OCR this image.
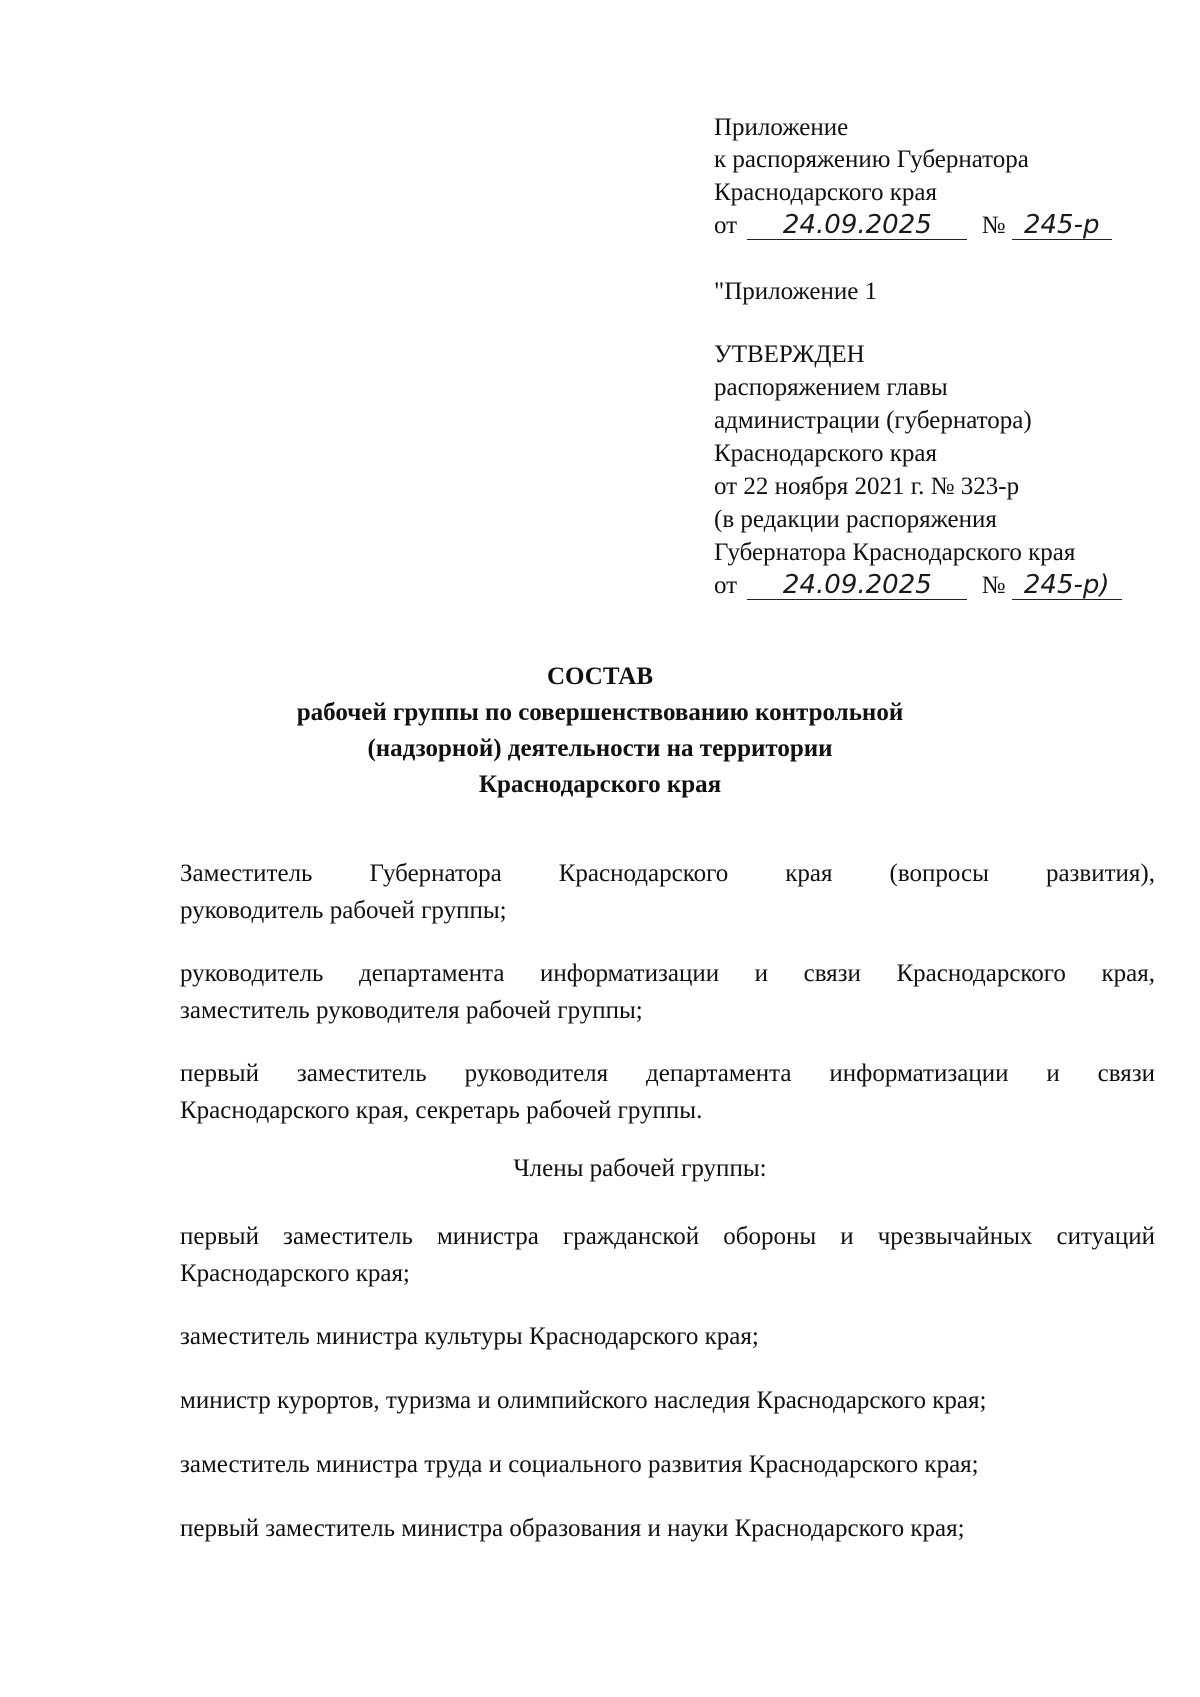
Приложение
к распоряжению Губернатора
Краснодарского края
от 24.09.2025 № 245-р
"Приложение 1
УТВЕРЖДЕН
распоряжением главы
администрации (губернатора)
Краснодарского края
от 22 ноября 2021 г. № 323-р
(в редакции распоряжения
Губернатора Краснодарского края
от 24.09.2025 № 245-р)
СОСТАВ
рабочей группы по совершенствованию контрольной
(надзорной) деятельности на территории
Краснодарского края
Заместитель Губернатора Краснодарского края (вопросы развития),
руководитель рабочей группы;
руководитель департамента информатизации и связи Краснодарского края,
заместитель руководителя рабочей группы;
первый заместитель руководителя департамента информатизации и связи
Краснодарского края, секретарь рабочей группы.
Члены рабочей группы:
первый заместитель министра гражданской обороны и чрезвычайных ситуаций
Краснодарского края;
заместитель министра культуры Краснодарского края;
министр курортов, туризма и олимпийского наследия Краснодарского края;
заместитель министра труда и социального развития Краснодарского края;
первый заместитель министра образования и науки Краснодарского края;
